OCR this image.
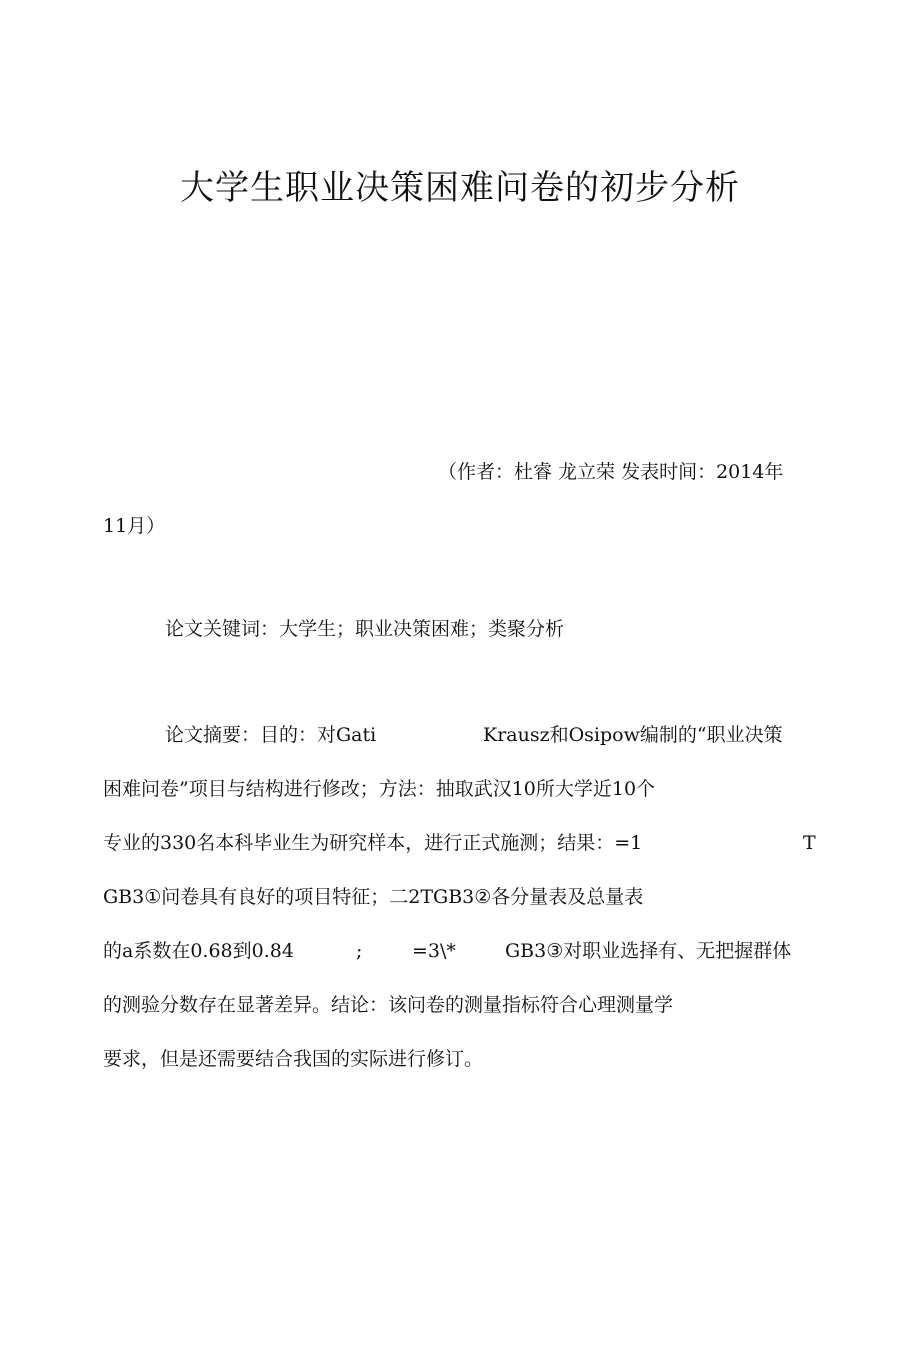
大学生职业决策困难问卷的初步分析
（作者：杜睿 龙立荣 发表时间：2014年
11月）
论文关键词：大学生；职业决策困难；类聚分析
论文摘要：目的：对Gati	Krausz和Osipow编制的“职业决策
困难问卷”项目与结构进行修改；方法：抽取武汉10所大学近10个
专业的330名本科毕业生为研究样本，进行正式施测；结果：=1	T
GB3①问卷具有良好的项目特征；二2TGB3②各分量表及总量表
的a系数在0.68到0.84	;	=3\*	GB3③对职业选择有、无把握群体
的测验分数存在显著差异。结论：该问卷的测量指标符合心理测量学
要求，但是还需要结合我国的实际进行修订。
